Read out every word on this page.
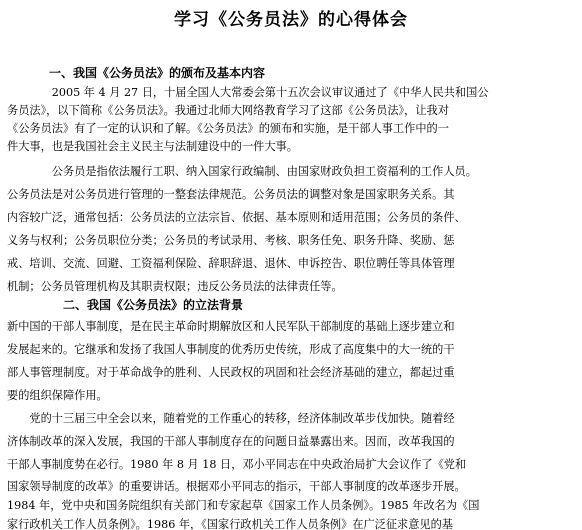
学习《公务员法》的心得体会
一、我国《公务员法》的颁布及基本内容
　　　　2005 年 4 月 27 日，十届全国人大常委会第十五次会议审议通过了《中华人民共和国公
务员法》，以下简称《公务员法》。我通过北师大网络教育学习了这部《公务员法》，让我对
《公务员法》有了一定的认识和了解。《公务员法》的颁布和实施，是干部人事工作中的一
件大事，也是我国社会主义民主与法制建设中的一件大事。
　　　　公务员是指依法履行工职、纳入国家行政编制、由国家财政负担工资福利的工作人员。
公务员法是对公务员进行管理的一整套法律规范。公务员法的调整对象是国家职务关系。其
内容较广泛，通常包括：公务员法的立法宗旨、依据、基本原则和适用范围；公务员的条件、
义务与权利；公务员职位分类；公务员的考试录用、考核、职务任免、职务升降、奖励、惩
戒、培训、交流、回避、工资福利保险、辞职辞退、退休、申诉控告、职位聘任等具体管理
机制；公务员管理机构及其职责权限；违反公务员法的法律责任等。
二、我国《公务员法》的立法背景
新中国的干部人事制度，是在民主革命时期解放区和人民军队干部制度的基础上逐步建立和
发展起来的。它继承和发扬了我国人事制度的优秀历史传统，形成了高度集中的大一统的干
部人事管理制度。对于革命战争的胜利、人民政权的巩固和社会经济基础的建立，都起过重
要的组织保障作用。
　　党的十三届三中全会以来，随着党的工作重心的转移，经济体制改革步伐加快。随着经
济体制改革的深入发展，我国的干部人事制度存在的问题日益暴露出来。因而，改革我国的
干部人事制度势在必行。1980 年 8 月 18 日，邓小平同志在中央政治局扩大会议作了《党和
国家领导制度的改革》的重要讲话。根据邓小平同志的指示，干部人事制度的改革逐步开展。
1984 年，党中央和国务院组织有关部门和专家起草《国家工作人员条例》。1985 年改名为《国
家行政机关工作人员条例》。1986 年，《国家行政机关工作人员条例》在广泛征求意见的基
